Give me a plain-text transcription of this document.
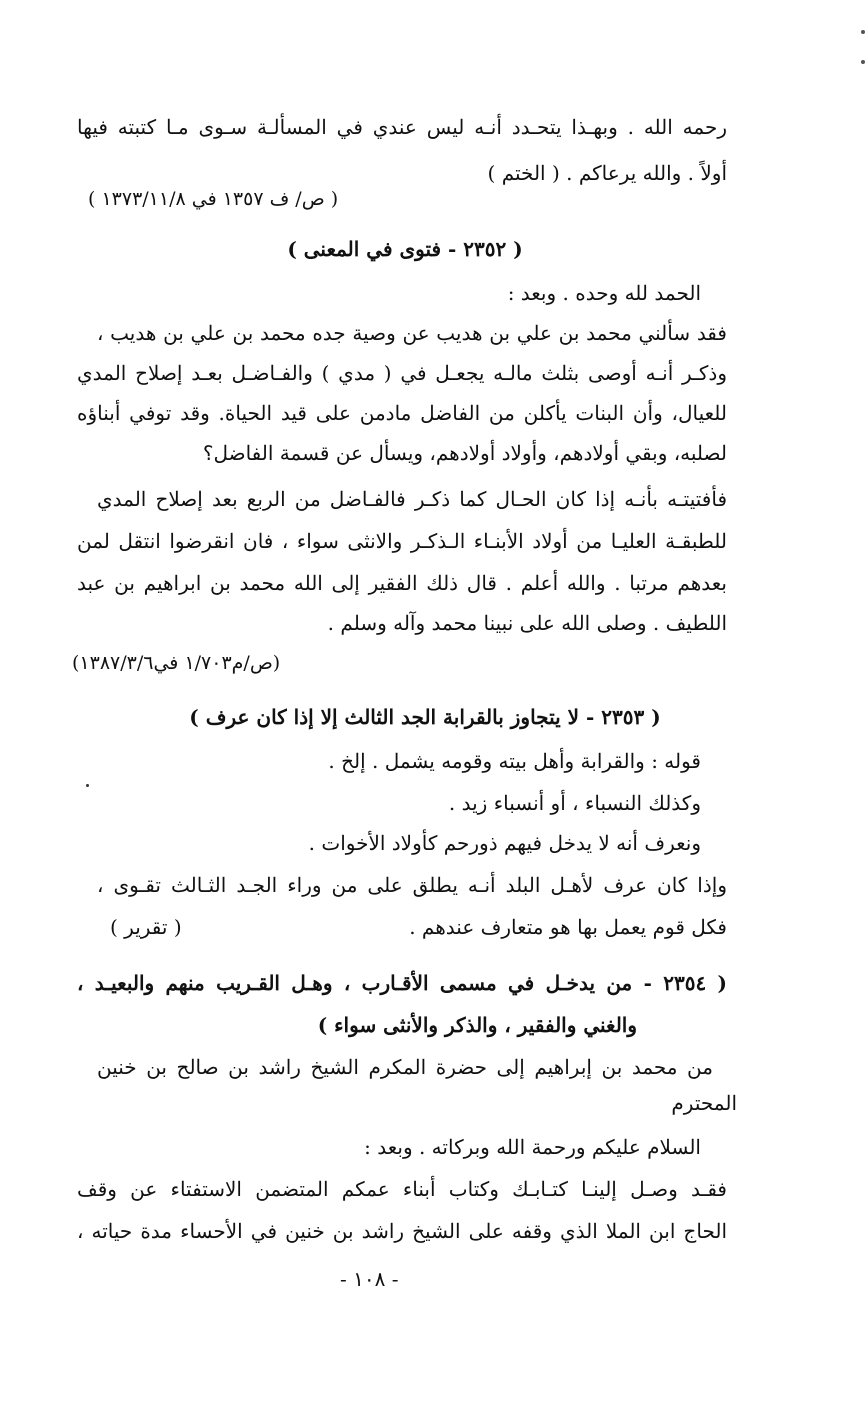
رحمه الله . وبهـذا يتحـدد أنـه ليس عندي في المسألـة سـوى مـا كتبته فيها
أولاً . والله يرعاكم . ( الختم )
( ص/ ف ١٣٥٧ في ١٣٧٣/١١/٨ )
( ٢٣٥٢ - فتوى في المعنى )
الحمد لله وحده . وبعد :
فقد سألني محمد بن علي بن هديب عن وصية جده محمد بن علي بن هديب ،
وذكـر أنـه أوصى بثلث مالـه يجعـل في ( مدي ) والفـاضـل بعـد إصلاح المدي
للعيال، وأن البنات يأكلن من الفاضل مادمن على قيد الحياة. وقد توفي أبناؤه
لصلبه، وبقي أولادهم، وأولاد أولادهم، ويسأل عن قسمة الفاضل؟
فأفتيتـه بأنـه إذا كان الحـال كما ذكـر فالفـاضل من الربع بعد إصلاح المدي
للطبقـة العليـا من أولاد الأبنـاء الـذكـر والانثى سواء ، فان انقرضوا انتقل لمن
بعدهم مرتبا . والله أعلم . قال ذلك الفقير إلى الله محمد بن ابراهيم بن عبد
اللطيف . وصلى الله على نبينا محمد وآله وسلم .
(ص/م١/٧٠٣ في١٣٨٧/٣/٦)
( ٢٣٥٣ - لا يتجاوز بالقرابة الجد الثالث إلا إذا كان عرف )
قوله : والقرابة وأهل بيته وقومه يشمل . إلخ .
وكذلك النسباء ، أو أنسباء زيد .
ونعرف أنه لا يدخل فيهم ذورحم كأولاد الأخوات .
وإذا كان عرف لأهـل البلد أنـه يطلق على من وراء الجـد الثـالث تقـوى ،
فكل قوم يعمل بها هو متعارف عندهم .
( تقرير )
( ٢٣٥٤ - من يدخـل في مسمى الأقـارب ، وهـل القـريب منهم والبعيـد ،
والغني والفقير ، والذكر والأنثى سواء )
من محمد بن إبراهيم إلى حضرة المكرم الشيخ راشد بن صالح بن خنين
المحترم
السلام عليكم ورحمة الله وبركاته . وبعد :
فقـد وصـل إلينـا كتـابـك وكتاب أبناء عمكم المتضمن الاستفتاء عن وقف
الحاج ابن الملا الذي وقفه على الشيخ راشد بن خنين في الأحساء مدة حياته ،
- ١٠٨ -
